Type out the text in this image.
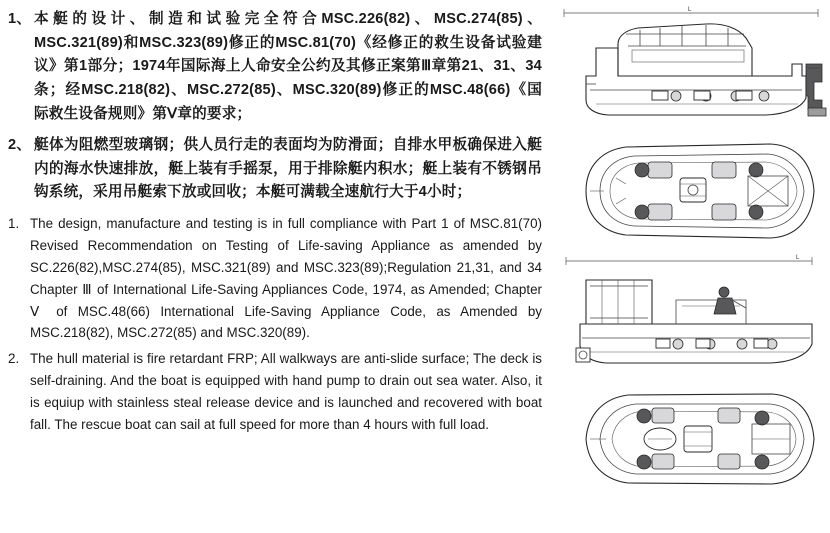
1、 本艇的设计、制造和试验完全符合MSC.226(82)、MSC.274(85)、MSC.321(89)和MSC.323(89)修正的MSC.81(70)《经修正的救生设备试验建议》第1部分；1974年国际海上人命安全公约及其修正案第Ⅲ章第21、31、34条；经MSC.218(82)、MSC.272(85)、MSC.320(89)修正的MSC.48(66)《国际救生设备规则》第Ⅴ章的要求；
2、 艇体为阻燃型玻璃钢；供人员行走的表面均为防滑面；自排水甲板确保进入艇内的海水快速排放，艇上装有手摇泵，用于排除艇内积水；艇上装有不锈钢吊钩系统，采用吊艇索下放或回收；本艇可满载全速航行大于4小时；
1. The design, manufacture and testing is in full compliance with Part 1 of MSC.81(70) Revised Recommendation on Testing of Life-saving Appliance as amended by SC.226(82),MSC.274(85), MSC.321(89) and MSC.323(89);Regulation 21,31, and 34 Chapter Ⅲ of International Life-Saving Appliances Code, 1974, as Amended; Chapter Ⅴ of MSC.48(66) International Life-Saving Appliance Code, as Amended by MSC.218(82), MSC.272(85) and MSC.320(89).
2. The hull material is fire retardant FRP; All walkways are anti-slide surface; The deck is self-draining. And the boat is equipped with hand pump to drain out sea water. Also, it is equiup with stainless steal release device and is launched and recovered with boat fall. The rescue boat can sail at full speed for more than 4 hours with full load.
L
L
